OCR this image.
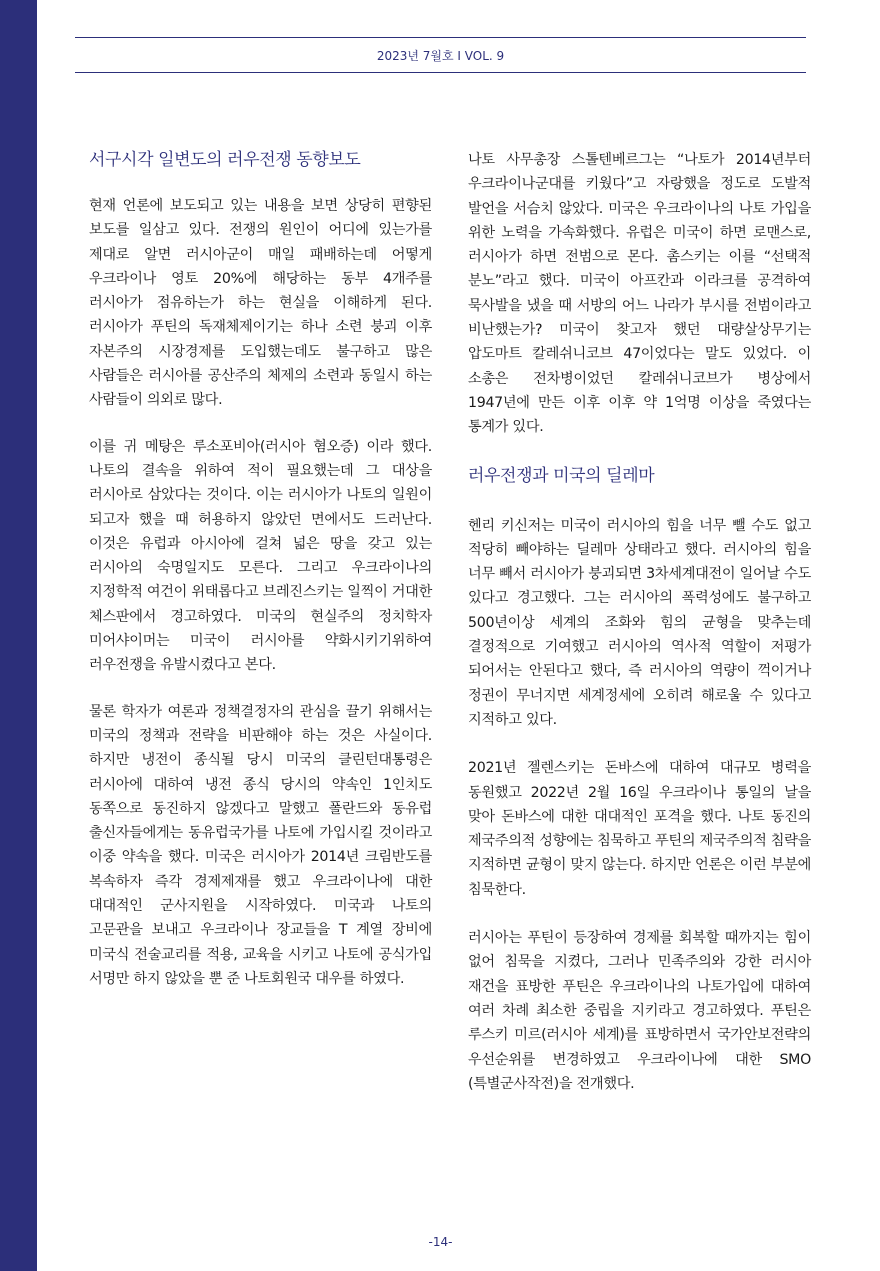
2023년 7월호 I VOL. 9
서구시각 일변도의 러우전쟁 동향보도

현재 언론에 보도되고 있는 내용을 보면 상당히 편향된 보도를 일삼고 있다. 전쟁의 원인이 어디에 있는가를 제대로 알면 러시아군이 매일 패배하는데 어떻게 우크라이나 영토 20%에 해당하는 동부 4개주를 러시아가 점유하는가 하는 현실을 이해하게 된다. 러시아가 푸틴의 독재체제이기는 하나 소련 붕괴 이후 자본주의 시장경제를 도입했는데도 불구하고 많은 사람들은 러시아를 공산주의 체제의 소련과 동일시 하는 사람들이 의외로 많다.

이를 귀 메탕은 루소포비아(러시아 혐오증) 이라 했다. 나토의 결속을 위하여 적이 필요했는데 그 대상을 러시아로 삼았다는 것이다. 이는 러시아가 나토의 일원이 되고자 했을 때 허용하지 않았던 면에서도 드러난다. 이것은 유럽과 아시아에 걸쳐 넓은 땅을 갖고 있는 러시아의 숙명일지도 모른다. 그리고 우크라이나의 지정학적 여건이 위태롭다고 브레진스키는 일찍이 거대한 체스판에서 경고하였다. 미국의 현실주의 정치학자 미어샤이머는 미국이 러시아를 약화시키기위하여 러우전쟁을 유발시켰다고 본다.

물론 학자가 여론과 정책결정자의 관심을 끌기 위해서는 미국의 정책과 전략을 비판해야 하는 것은 사실이다. 하지만 냉전이 종식될 당시 미국의 클린턴대통령은 러시아에 대하여 냉전 종식 당시의 약속인 1인치도 동쪽으로 동진하지 않겠다고 말했고 폴란드와 동유럽 출신자들에게는 동유럽국가를 나토에 가입시킬 것이라고 이중 약속을 했다. 미국은 러시아가 2014년 크림반도를 복속하자 즉각 경제제재를 했고 우크라이나에 대한 대대적인 군사지원을 시작하였다. 미국과 나토의 고문관을 보내고 우크라이나 장교들을 T 계열 장비에 미국식 전술교리를 적용, 교육을 시키고 나토에 공식가입 서명만 하지 않았을 뿐 준 나토회원국 대우를 하였다.

나토 사무총장 스톨텐베르그는 “나토가 2014년부터 우크라이나군대를 키웠다”고 자랑했을 정도로 도발적 발언을 서슴치 않았다. 미국은 우크라이나의 나토 가입을 위한 노력을 가속화했다. 유럽은 미국이 하면 로맨스로, 러시아가 하면 전범으로 몬다. 촘스키는 이를 “선택적 분노”라고 했다. 미국이 아프칸과 이라크를 공격하여 묵사발을 냈을 때 서방의 어느 나라가 부시를 전범이라고 비난했는가? 미국이 찾고자 했던 대량살상무기는 압도마트 칼레쉬니코브 47이었다는 말도 있었다. 이 소총은 전차병이었던 칼레쉬니코브가 병상에서 1947년에 만든 이후 이후 약 1억명 이상을 죽였다는 통계가 있다.

러우전쟁과 미국의 딜레마

헨리 키신저는 미국이 러시아의 힘을 너무 뺄 수도 없고 적당히 빼야하는 딜레마 상태라고 했다. 러시아의 힘을 너무 빼서 러시아가 붕괴되면 3차세계대전이 일어날 수도 있다고 경고했다. 그는 러시아의 폭력성에도 불구하고 500년이상 세계의 조화와 힘의 균형을 맞추는데 결정적으로 기여했고 러시아의 역사적 역할이 저평가 되어서는 안된다고 했다, 즉 러시아의 역량이 꺽이거나 정권이 무너지면 세계정세에 오히려 해로울 수 있다고 지적하고 있다.

2021년 젤렌스키는 돈바스에 대하여 대규모 병력을 동원했고 2022년 2월 16일 우크라이나 통일의 날을 맞아 돈바스에 대한 대대적인 포격을 했다. 나토 동진의 제국주의적 성향에는 침묵하고 푸틴의 제국주의적 침략을 지적하면 균형이 맞지 않는다. 하지만 언론은 이런 부분에 침묵한다.

러시아는 푸틴이 등장하여 경제를 회복할 때까지는 힘이 없어 침묵을 지켰다, 그러나 민족주의와 강한 러시아 재건을 표방한 푸틴은 우크라이나의 나토가입에 대하여 여러 차례 최소한 중립을 지키라고 경고하였다. 푸틴은 루스키 미르(러시아 세계)를 표방하면서 국가안보전략의 우선순위를 변경하였고 우크라이나에 대한 SMO (특별군사작전)을 전개했다.

-14-
